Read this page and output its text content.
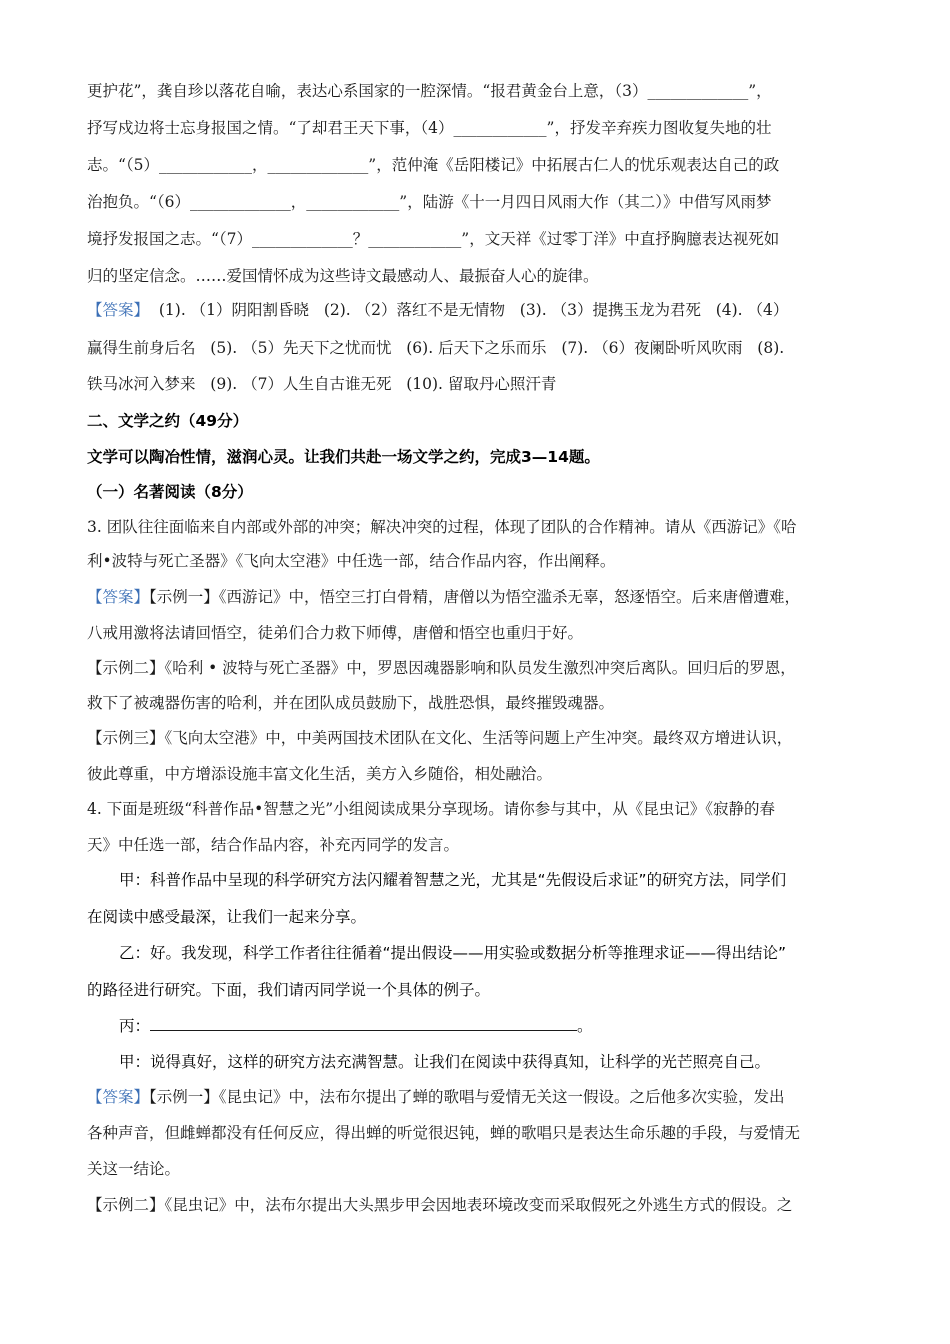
更护花”，龚自珍以落花自喻，表达心系国家的一腔深情。“报君黄金台上意，（3）_____________”，
抒写戍边将士忘身报国之情。“了却君王天下事，（4）____________”，抒发辛弃疾力图收复失地的壮
志。“（5）____________，_____________”，范仲淹《岳阳楼记》中拓展古仁人的忧乐观表达自己的政
治抱负。“（6）_____________，____________”，陆游《十一月四日风雨大作（其二）》中借写风雨梦
境抒发报国之志。“（7）_____________？____________”，文天祥《过零丁洋》中直抒胸臆表达视死如
归的坚定信念。……爱国情怀成为这些诗文最感动人、最振奋人心的旋律。
【答案】  (1). （1）阴阳割昏晓   (2). （2）落红不是无情物   (3). （3）提携玉龙为君死   (4). （4）
赢得生前身后名   (5). （5）先天下之忧而忧   (6). 后天下之乐而乐   (7). （6）夜阑卧听风吹雨   (8).
铁马冰河入梦来   (9). （7）人生自古谁无死   (10). 留取丹心照汗青
二、文学之约（49分）
文学可以陶冶性情，滋润心灵。让我们共赴一场文学之约，完成3—14题。
（一）名著阅读（8分）
3. 团队往往面临来自内部或外部的冲突；解决冲突的过程，体现了团队的合作精神。请从《西游记》《哈
利•波特与死亡圣器》《飞向太空港》中任选一部，结合作品内容，作出阐释。
【答案】【示例一】《西游记》中，悟空三打白骨精，唐僧以为悟空滥杀无辜，怒逐悟空。后来唐僧遭难，
八戒用激将法请回悟空，徒弟们合力救下师傅，唐僧和悟空也重归于好。
【示例二】《哈利 • 波特与死亡圣器》中，罗恩因魂器影响和队员发生激烈冲突后离队。回归后的罗恩，
救下了被魂器伤害的哈利，并在团队成员鼓励下，战胜恐惧，最终摧毁魂器。
【示例三】《飞向太空港》中，中美两国技术团队在文化、生活等问题上产生冲突。最终双方增进认识，
彼此尊重，中方增添设施丰富文化生活，美方入乡随俗，相处融洽。
4. 下面是班级“科普作品•智慧之光”小组阅读成果分享现场。请你参与其中，从《昆虫记》《寂静的春
天》中任选一部，结合作品内容，补充丙同学的发言。
甲：科普作品中呈现的科学研究方法闪耀着智慧之光，尤其是“先假设后求证”的研究方法，同学们
在阅读中感受最深，让我们一起来分享。
乙：好。我发现，科学工作者往往循着“提出假设——用实验或数据分析等推理求证——得出结论”
的路径进行研究。下面，我们请丙同学说一个具体的例子。
丙：	。
甲：说得真好，这样的研究方法充满智慧。让我们在阅读中获得真知，让科学的光芒照亮自己。
【答案】【示例一】《昆虫记》中，法布尔提出了蝉的歌唱与爱情无关这一假设。之后他多次实验，发出
各种声音，但雌蝉都没有任何反应，得出蝉的听觉很迟钝，蝉的歌唱只是表达生命乐趣的手段，与爱情无
关这一结论。
【示例二】《昆虫记》中，法布尔提出大头黑步甲会因地表环境改变而采取假死之外逃生方式的假设。之
